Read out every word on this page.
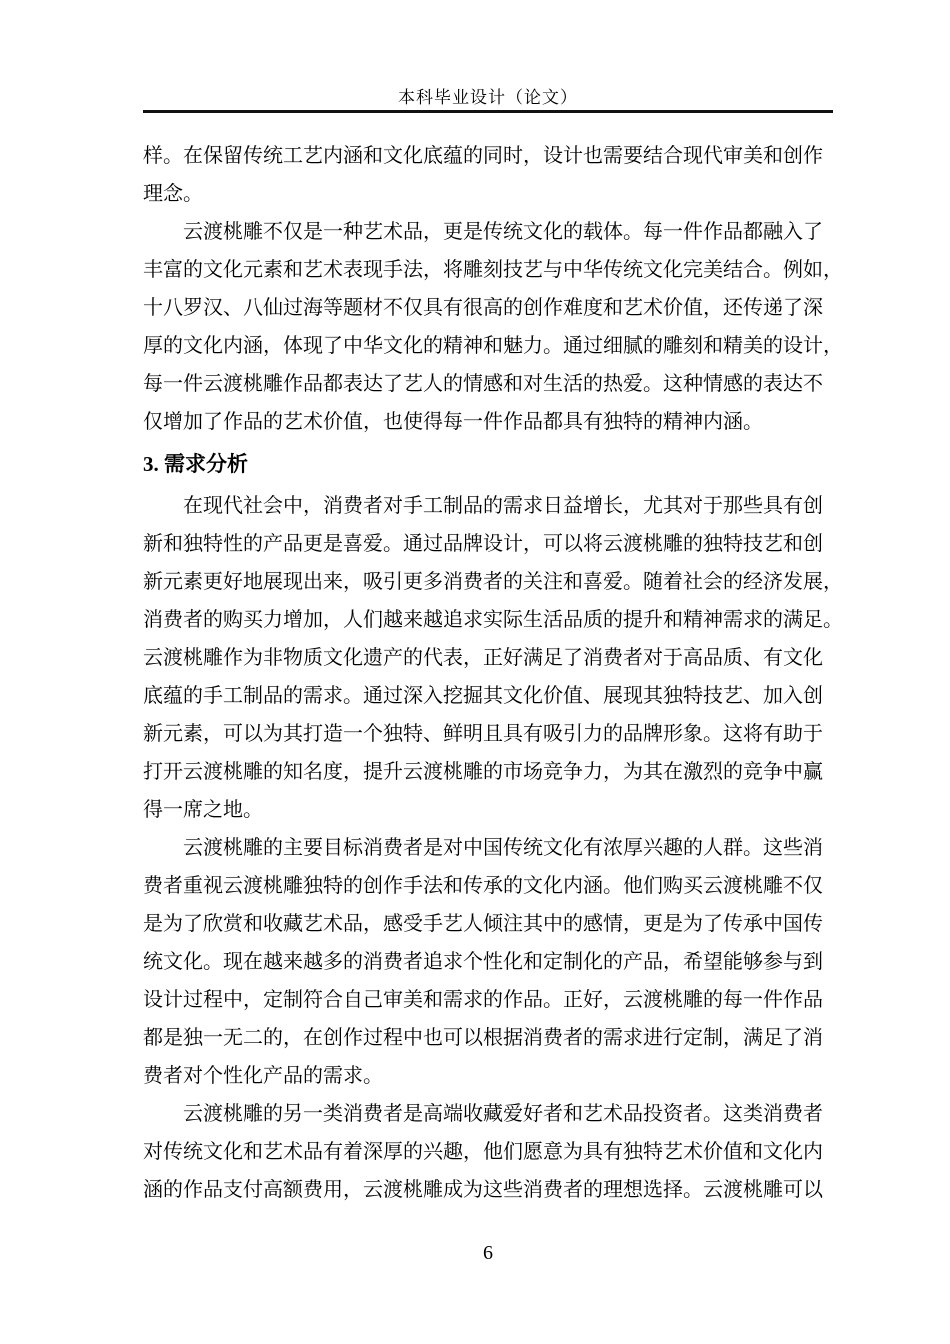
本科毕业设计（论文）
样。在保留传统工艺内涵和文化底蕴的同时，设计也需要结合现代审美和创作
理念。
云渡桃雕不仅是一种艺术品，更是传统文化的载体。每一件作品都融入了
丰富的文化元素和艺术表现手法，将雕刻技艺与中华传统文化完美结合。例如，
十八罗汉、八仙过海等题材不仅具有很高的创作难度和艺术价值，还传递了深
厚的文化内涵，体现了中华文化的精神和魅力。通过细腻的雕刻和精美的设计，
每一件云渡桃雕作品都表达了艺人的情感和对生活的热爱。这种情感的表达不
仅增加了作品的艺术价值，也使得每一件作品都具有独特的精神内涵。
3. 需求分析
在现代社会中，消费者对手工制品的需求日益增长，尤其对于那些具有创
新和独特性的产品更是喜爱。通过品牌设计，可以将云渡桃雕的独特技艺和创
新元素更好地展现出来，吸引更多消费者的关注和喜爱。随着社会的经济发展，
消费者的购买力增加，人们越来越追求实际生活品质的提升和精神需求的满足。
云渡桃雕作为非物质文化遗产的代表，正好满足了消费者对于高品质、有文化
底蕴的手工制品的需求。通过深入挖掘其文化价值、展现其独特技艺、加入创
新元素，可以为其打造一个独特、鲜明且具有吸引力的品牌形象。这将有助于
打开云渡桃雕的知名度，提升云渡桃雕的市场竞争力，为其在激烈的竞争中赢
得一席之地。
云渡桃雕的主要目标消费者是对中国传统文化有浓厚兴趣的人群。这些消
费者重视云渡桃雕独特的创作手法和传承的文化内涵。他们购买云渡桃雕不仅
是为了欣赏和收藏艺术品，感受手艺人倾注其中的感情，更是为了传承中国传
统文化。现在越来越多的消费者追求个性化和定制化的产品，希望能够参与到
设计过程中，定制符合自己审美和需求的作品。正好，云渡桃雕的每一件作品
都是独一无二的，在创作过程中也可以根据消费者的需求进行定制，满足了消
费者对个性化产品的需求。
云渡桃雕的另一类消费者是高端收藏爱好者和艺术品投资者。这类消费者
对传统文化和艺术品有着深厚的兴趣，他们愿意为具有独特艺术价值和文化内
涵的作品支付高额费用，云渡桃雕成为这些消费者的理想选择。云渡桃雕可以
6
